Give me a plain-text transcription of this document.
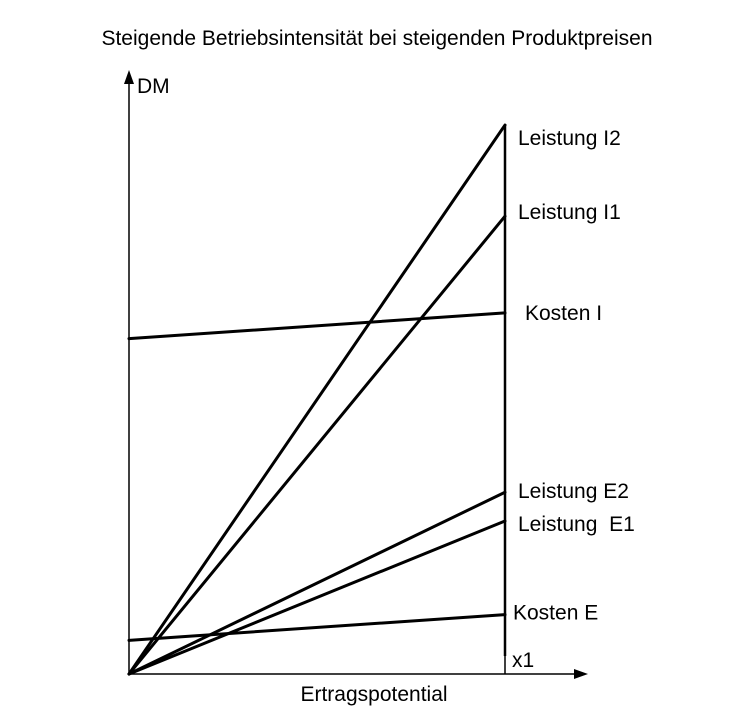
Steigende Betriebsintensität bei steigenden Produktpreisen
DM
Ertragspotential
x1
Leistung I2
Leistung I1
Kosten I
Leistung E2
Leistung  E1
Kosten E
